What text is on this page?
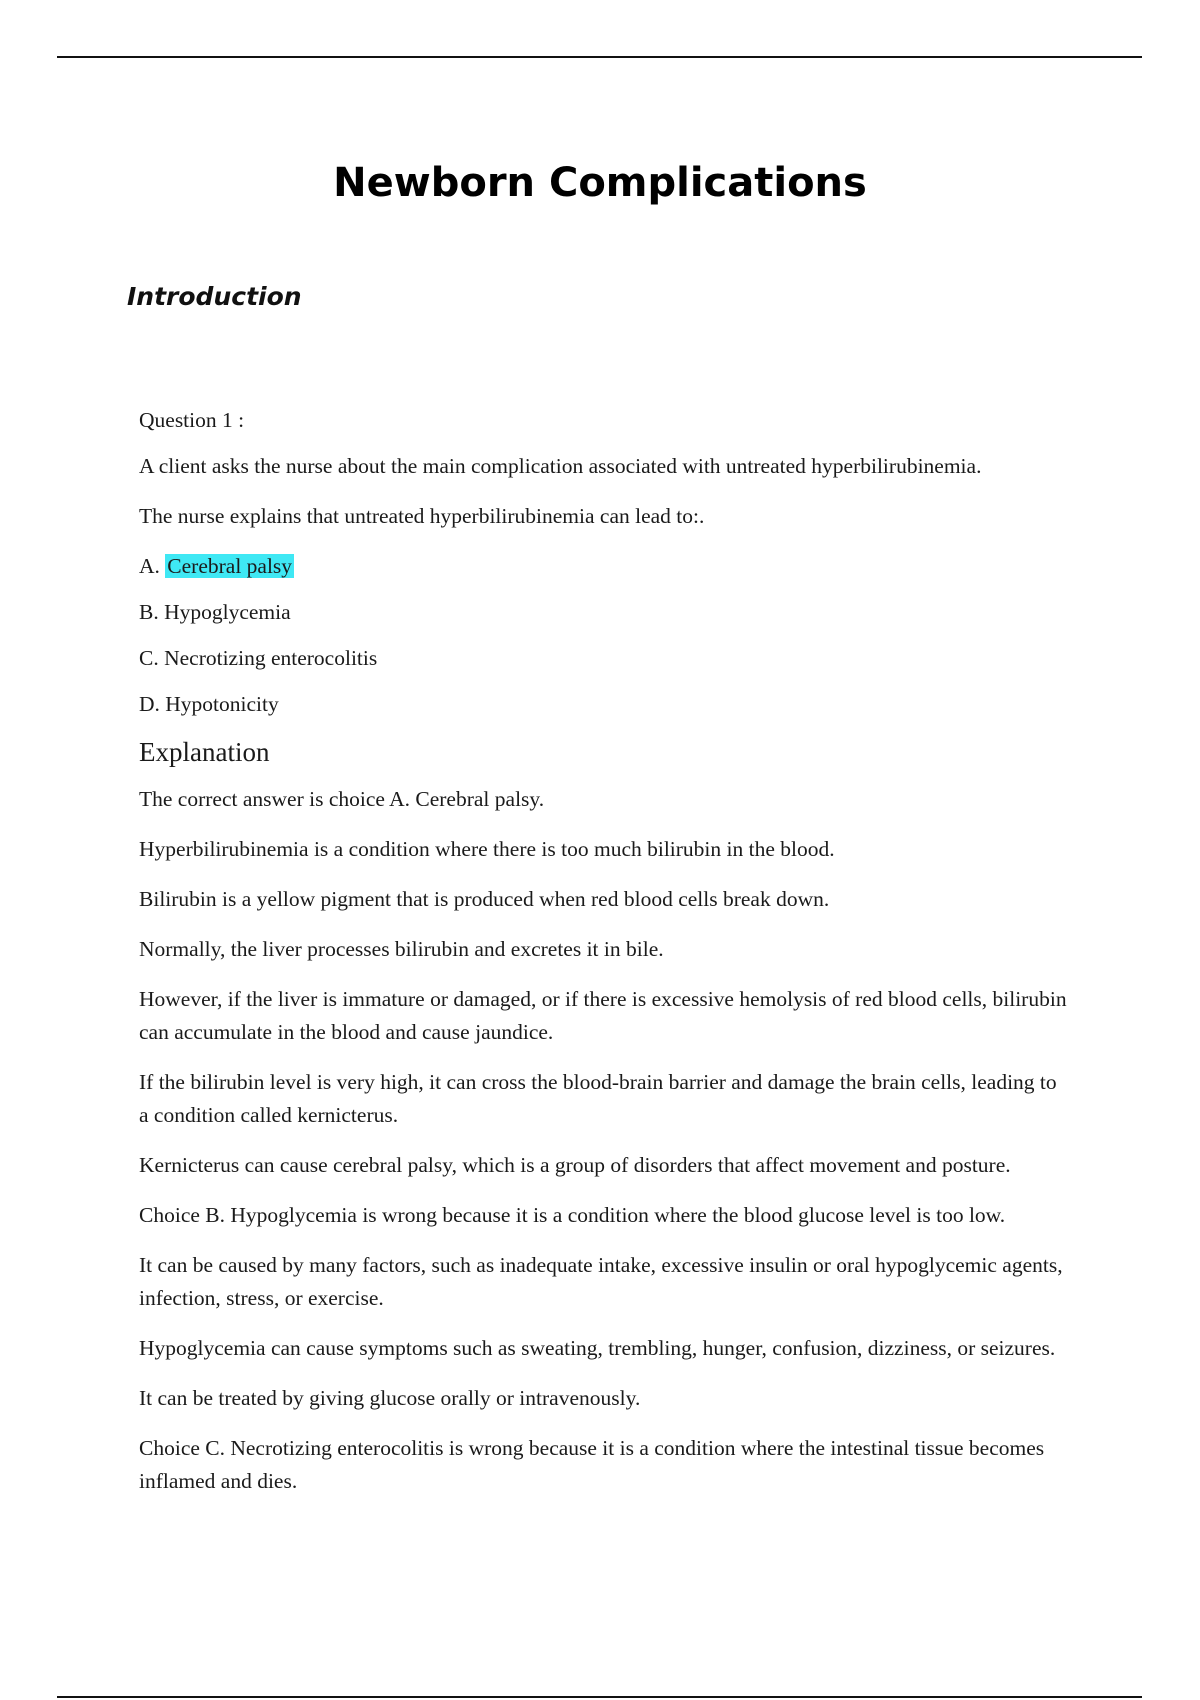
Newborn Complications
Introduction

Question 1 :

A client asks the nurse about the main complication associated with untreated hyperbilirubinemia.

The nurse explains that untreated hyperbilirubinemia can lead to:.

A. Cerebral palsy

B. Hypoglycemia

C. Necrotizing enterocolitis

D. Hypotonicity

Explanation

The correct answer is choice A. Cerebral palsy.

Hyperbilirubinemia is a condition where there is too much bilirubin in the blood.

Bilirubin is a yellow pigment that is produced when red blood cells break down.

Normally, the liver processes bilirubin and excretes it in bile.

However, if the liver is immature or damaged, or if there is excessive hemolysis of red blood cells, bilirubin can accumulate in the blood and cause jaundice.

If the bilirubin level is very high, it can cross the blood-brain barrier and damage the brain cells, leading to a condition called kernicterus.

Kernicterus can cause cerebral palsy, which is a group of disorders that affect movement and posture.

Choice B. Hypoglycemia is wrong because it is a condition where the blood glucose level is too low.

It can be caused by many factors, such as inadequate intake, excessive insulin or oral hypoglycemic agents, infection, stress, or exercise.

Hypoglycemia can cause symptoms such as sweating, trembling, hunger, confusion, dizziness, or seizures.

It can be treated by giving glucose orally or intravenously.

Choice C. Necrotizing enterocolitis is wrong because it is a condition where the intestinal tissue becomes inflamed and dies.
